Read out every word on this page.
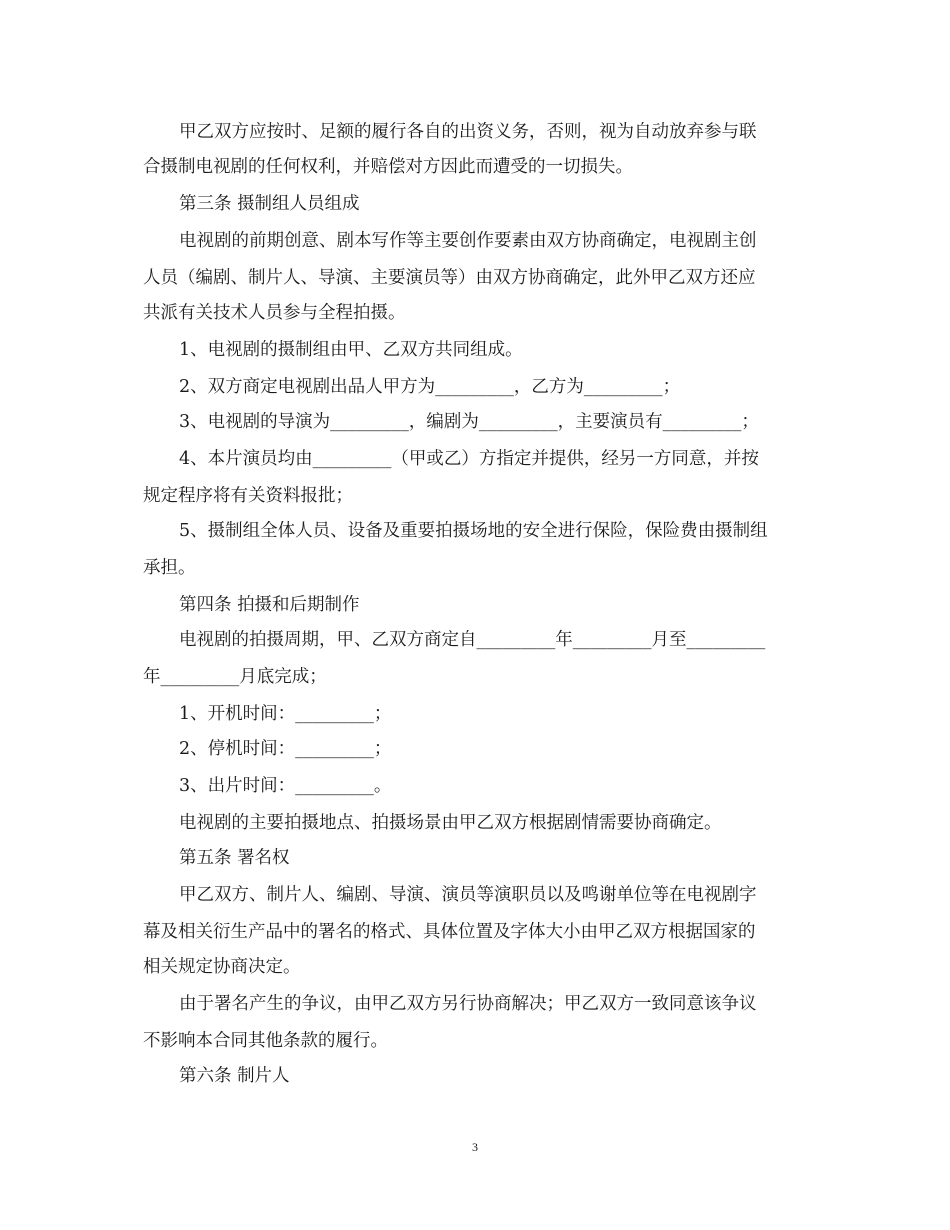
甲乙双方应按时、足额的履行各自的出资义务，否则，视为自动放弃参与联
合摄制电视剧的任何权利，并赔偿对方因此而遭受的一切损失。
第三条 摄制组人员组成
电视剧的前期创意、剧本写作等主要创作要素由双方协商确定，电视剧主创
人员（编剧、制片人、导演、主要演员等）由双方协商确定，此外甲乙双方还应
共派有关技术人员参与全程拍摄。
1、电视剧的摄制组由甲、乙双方共同组成。
2、双方商定电视剧出品人甲方为_________，乙方为_________；
3、电视剧的导演为_________，编剧为_________，主要演员有_________；
4、本片演员均由_________（甲或乙）方指定并提供，经另一方同意，并按
规定程序将有关资料报批；
5、摄制组全体人员、设备及重要拍摄场地的安全进行保险，保险费由摄制组
承担。
第四条 拍摄和后期制作
电视剧的拍摄周期，甲、乙双方商定自_________年_________月至_________
年_________月底完成；
1、开机时间：_________；
2、停机时间：_________；
3、出片时间：_________。
电视剧的主要拍摄地点、拍摄场景由甲乙双方根据剧情需要协商确定。
第五条 署名权
甲乙双方、制片人、编剧、导演、演员等演职员以及鸣谢单位等在电视剧字
幕及相关衍生产品中的署名的格式、具体位置及字体大小由甲乙双方根据国家的
相关规定协商决定。
由于署名产生的争议，由甲乙双方另行协商解决；甲乙双方一致同意该争议
不影响本合同其他条款的履行。
第六条 制片人
3
